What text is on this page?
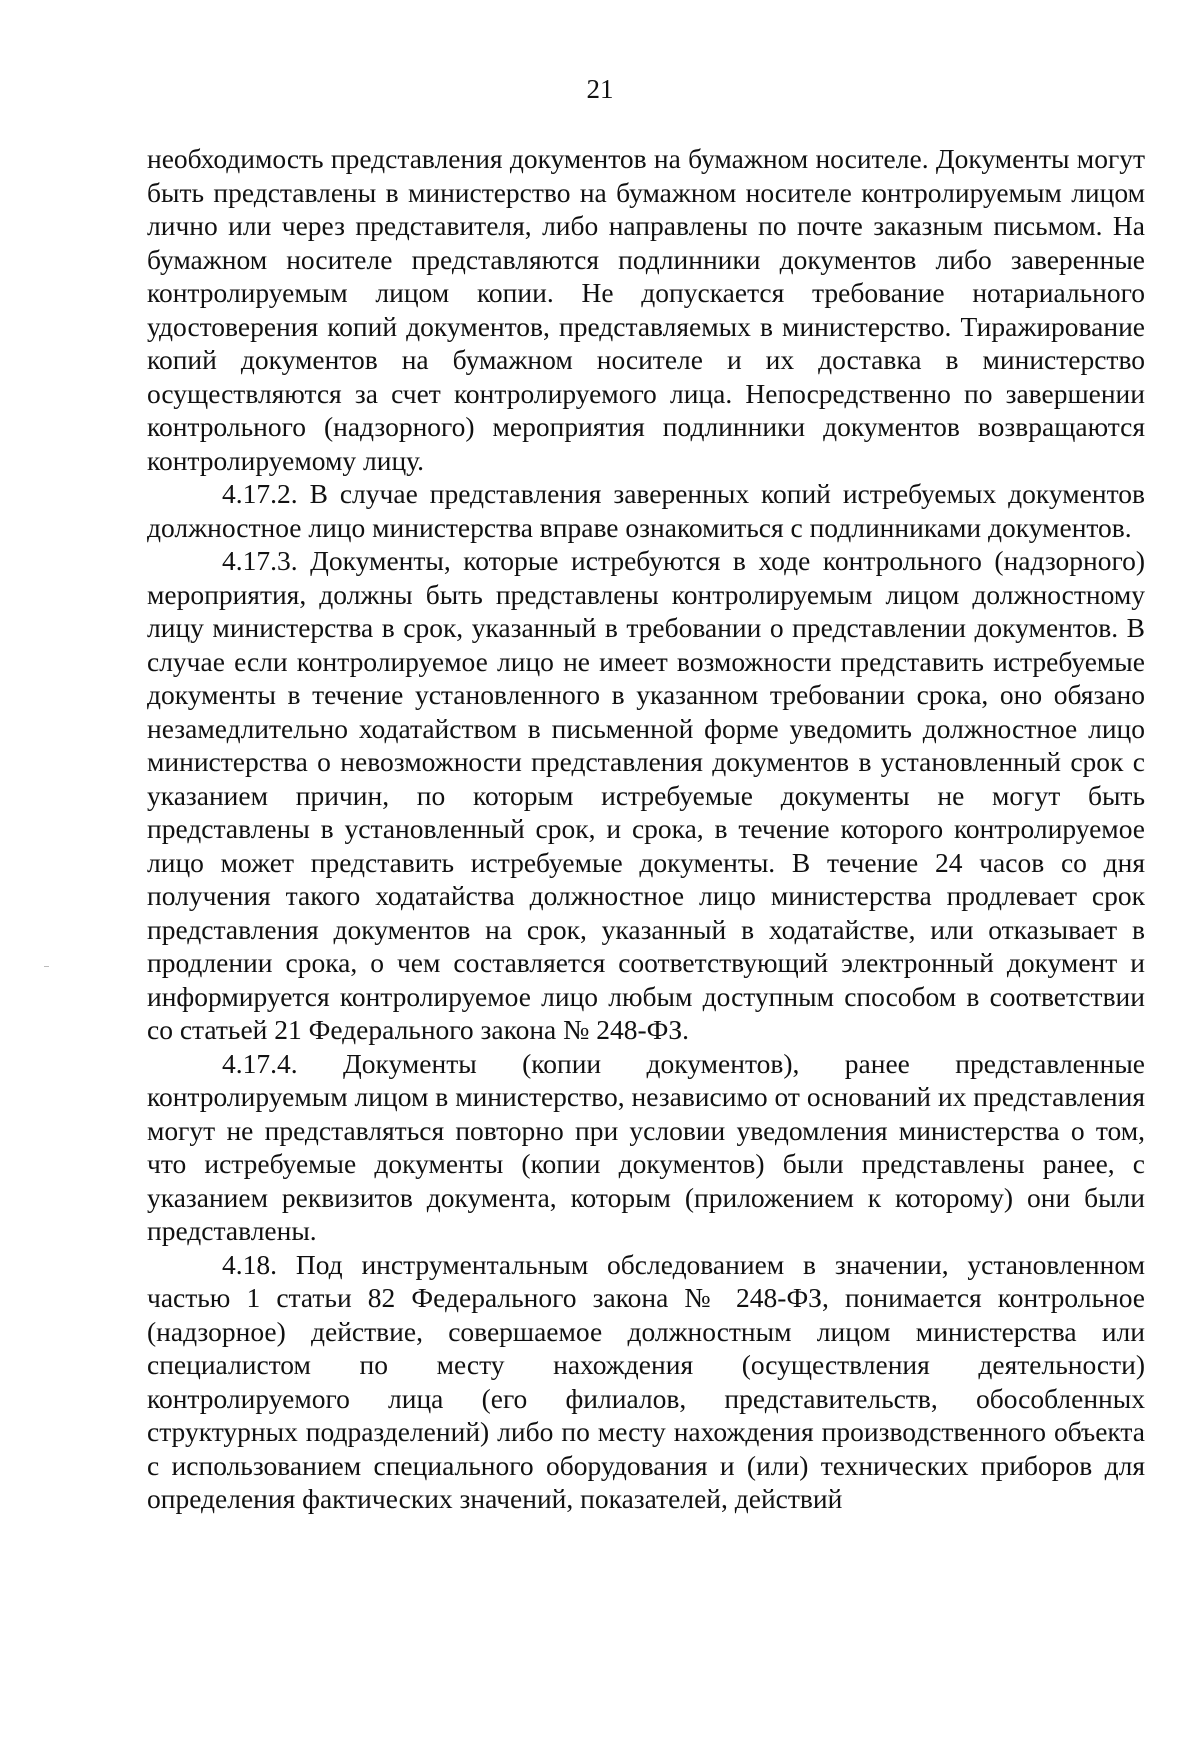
21

необходимость представления документов на бумажном носителе. Документы могут быть представлены в министерство на бумажном носителе контролируемым лицом лично или через представителя, либо направлены по почте заказным письмом. На бумажном носителе представляются подлинники документов либо заверенные контролируемым лицом копии. Не допускается требование нотариального удостоверения копий документов, представляемых в министерство. Тиражирование копий документов на бумажном носителе и их доставка в министерство осуществляются за счет контролируемого лица. Непосредственно по завершении контрольного (надзорного) мероприятия подлинники документов возвращаются контролируемому лицу.

4.17.2. В случае представления заверенных копий истребуемых документов должностное лицо министерства вправе ознакомиться с подлинниками документов.

4.17.3. Документы, которые истребуются в ходе контрольного (надзорного) мероприятия, должны быть представлены контролируемым лицом должностному лицу министерства в срок, указанный в требовании о представлении документов. В случае если контролируемое лицо не имеет возможности представить истребуемые документы в течение установленного в указанном требовании срока, оно обязано незамедлительно ходатайством в письменной форме уведомить должностное лицо министерства о невозможности представления документов в установленный срок с указанием причин, по которым истребуемые документы не могут быть представлены в установленный срок, и срока, в течение которого контролируемое лицо может представить истребуемые документы. В течение 24 часов со дня получения такого ходатайства должностное лицо министерства продлевает срок представления документов на срок, указанный в ходатайстве, или отказывает в продлении срока, о чем составляется соответствующий электронный документ и информируется контролируемое лицо любым доступным способом в соответствии со статьей 21 Федерального закона № 248-ФЗ.

4.17.4. Документы (копии документов), ранее представленные контролируемым лицом в министерство, независимо от оснований их представления могут не представляться повторно при условии уведомления министерства о том, что истребуемые документы (копии документов) были представлены ранее, с указанием реквизитов документа, которым (приложением к которому) они были представлены.

4.18. Под инструментальным обследованием в значении, установленном частью 1 статьи 82 Федерального закона № 248-ФЗ, понимается контрольное (надзорное) действие, совершаемое должностным лицом министерства или специалистом по месту нахождения (осуществления деятельности) контролируемого лица (его филиалов, представительств, обособленных структурных подразделений) либо по месту нахождения производственного объекта с использованием специального оборудования и (или) технических приборов для определения фактических значений, показателей, действий
